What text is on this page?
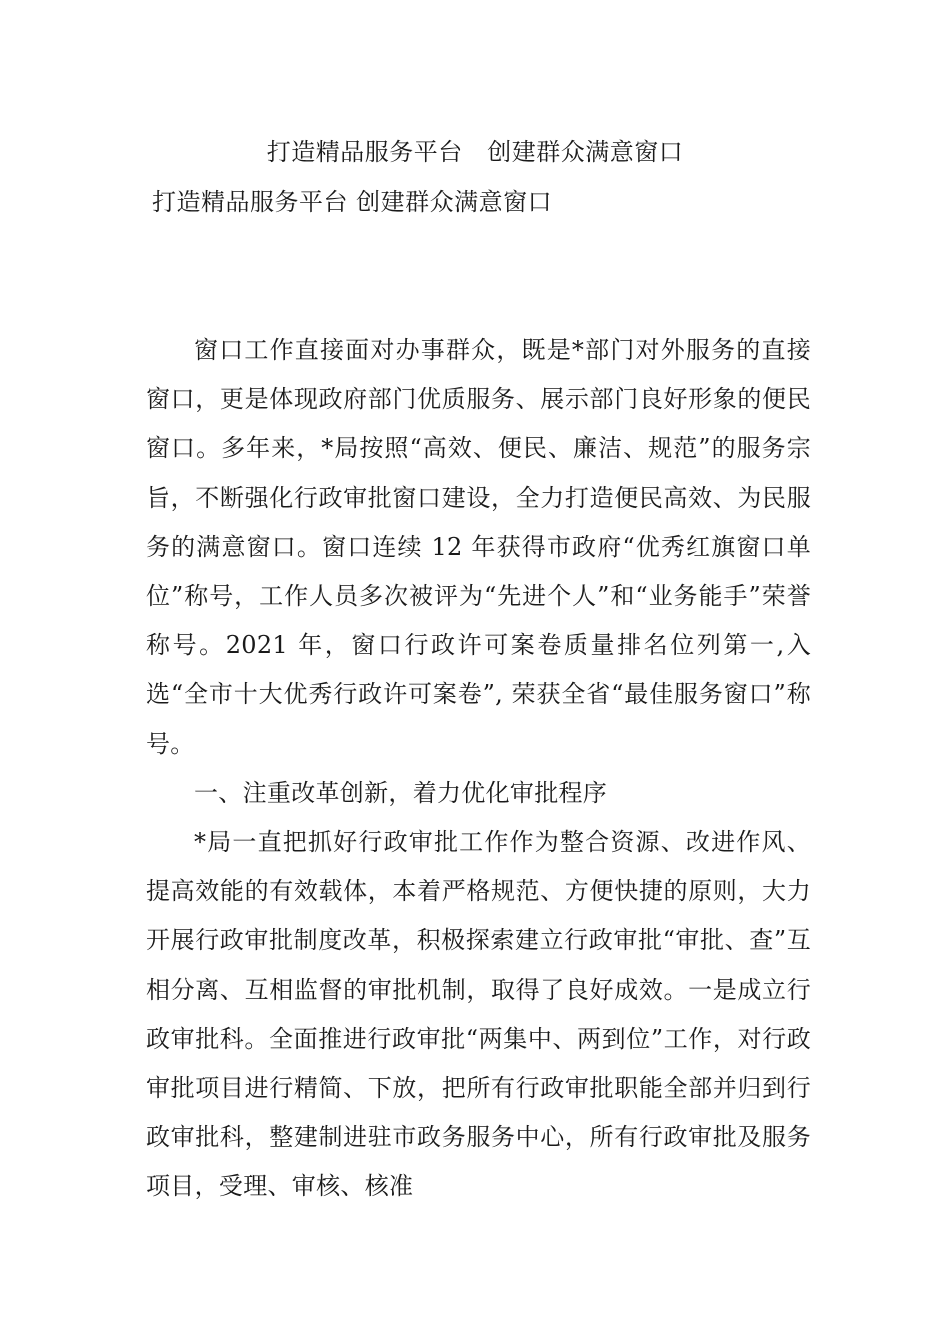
打造精品服务平台　创建群众满意窗口
打造精品服务平台 创建群众满意窗口

窗口工作直接面对办事群众，既是*部门对外服务的直接窗口，更是体现政府部门优质服务、展示部门良好形象的便民窗口。多年来，*局按照“高效、便民、廉洁、规范”的服务宗旨，不断强化行政审批窗口建设，全力打造便民高效、为民服务的满意窗口。窗口连续 12 年获得市政府“优秀红旗窗口单位”称号，工作人员多次被评为“先进个人”和“业务能手”荣誉称号。2021 年，窗口行政许可案卷质量排名位列第一,入选“全市十大优秀行政许可案卷”, 荣获全省“最佳服务窗口”称号。

一、注重改革创新，着力优化审批程序

*局一直把抓好行政审批工作作为整合资源、改进作风、提高效能的有效载体，本着严格规范、方便快捷的原则，大力开展行政审批制度改革，积极探索建立行政审批“审批、查”互相分离、互相监督的审批机制，取得了良好成效。一是成立行政审批科。全面推进行政审批“两集中、两到位”工作，对行政审批项目进行精简、下放，把所有行政审批职能全部并归到行政审批科，整建制进驻市政务服务中心，所有行政审批及服务项目，受理、审核、核准
